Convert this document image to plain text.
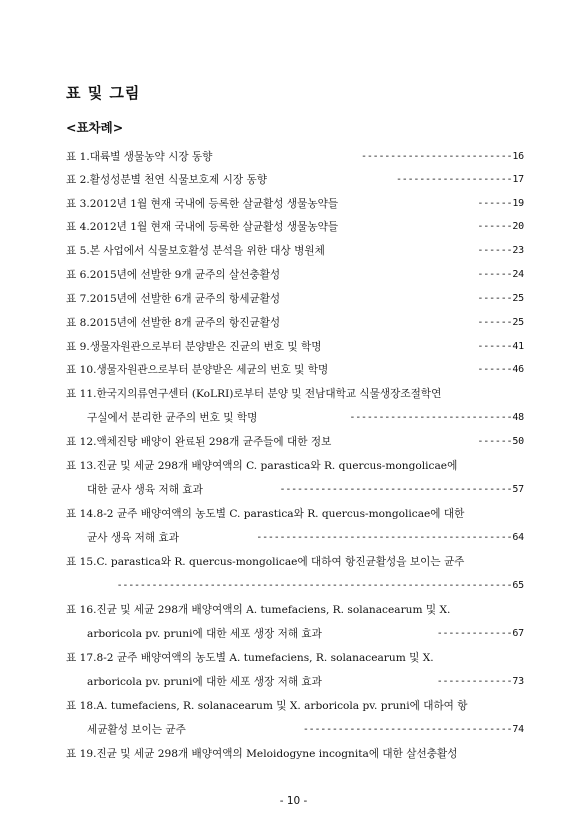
표 및 그림
<표차례>
표 1.대륙별 생물농약 시장 동향	--------------------------16
표 2.활성성분별 천연 식물보호제 시장 동향	--------------------17
표 3.2012년 1월 현재 국내에 등록한 살균활성 생물농약들	------19
표 4.2012년 1월 현재 국내에 등록한 살균활성 생물농약들	------20
표 5.본 사업에서 식물보호활성 분석을 위한 대상 병원체	------23
표 6.2015년에 선발한 9개 균주의 살선충활성	------24
표 7.2015년에 선발한 6개 균주의 항세균활성	------25
표 8.2015년에 선발한 8개 균주의 항진균활성	------25
표 9.생물자원관으로부터 분양받은 진균의 번호 및 학명	------41
표 10.생물자원관으로부터 분양받은 세균의 번호 및 학명	------46
표 11.한국지의류연구센터 (KoLRI)로부터 분양 및 전남대학교 식물생장조절학연
구실에서 분리한 균주의 번호 및 학명	----------------------------48
표 12.액체진탕 배양이 완료된 298개 균주들에 대한 정보	------50
표 13.진균 및 세균 298개 배양여액의 C. parastica와 R. quercus-mongolicae에
대한 균사 생육 저해 효과	----------------------------------------57
표 14.8-2 균주 배양여액의 농도별 C. parastica와 R. quercus-mongolicae에 대한
균사 생육 저해 효과	--------------------------------------------64
표 15.C. parastica와 R. quercus-mongolicae에 대하여 항진균활성을 보이는 균주
--------------------------------------------------------------------65
표 16.진균 및 세균 298개 배양여액의 A. tumefaciens, R. solanacearum 및 X.
arboricola pv. pruni에 대한 세포 생장 저해 효과	-------------67
표 17.8-2 균주 배양여액의 농도별 A. tumefaciens, R. solanacearum 및 X.
arboricola pv. pruni에 대한 세포 생장 저해 효과	-------------73
표 18.A. tumefaciens, R. solanacearum 및 X. arboricola pv. pruni에 대하여 항
세균활성 보이는 균주	------------------------------------74
표 19.진균 및 세균 298개 배양여액의 Meloidogyne incognita에 대한 살선충활성
- 10 -
